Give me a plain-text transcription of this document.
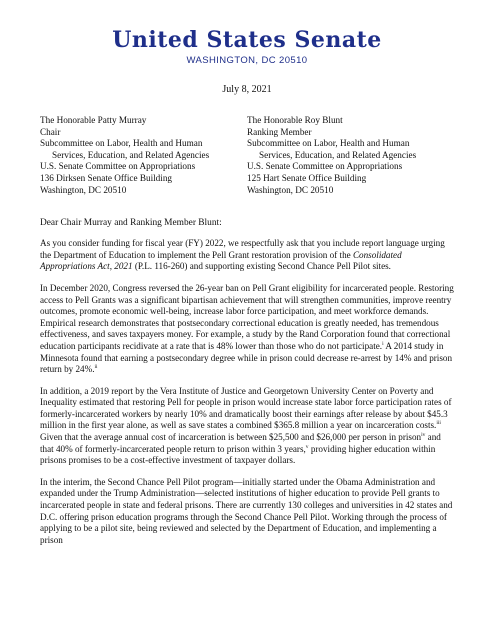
United States Senate
WASHINGTON, DC 20510
July 8, 2021
The Honorable Patty Murray
Chair
Subcommittee on Labor, Health and Human
Services, Education, and Related Agencies
U.S. Senate Committee on Appropriations
136 Dirksen Senate Office Building
Washington, DC 20510
The Honorable Roy Blunt
Ranking Member
Subcommittee on Labor, Health and Human
Services, Education, and Related Agencies
U.S. Senate Committee on Appropriations
125 Hart Senate Office Building
Washington, DC 20510
Dear Chair Murray and Ranking Member Blunt:

As you consider funding for fiscal year (FY) 2022, we respectfully ask that you include report language urging the Department of Education to implement the Pell Grant restoration provision of the Consolidated Appropriations Act, 2021 (P.L. 116-260) and supporting existing Second Chance Pell Pilot sites.

In December 2020, Congress reversed the 26-year ban on Pell Grant eligibility for incarcerated people. Restoring access to Pell Grants was a significant bipartisan achievement that will strengthen communities, improve reentry outcomes, promote economic well-being, increase labor force participation, and meet workforce demands. Empirical research demonstrates that postsecondary correctional education is greatly needed, has tremendous effectiveness, and saves taxpayers money. For example, a study by the Rand Corporation found that correctional education participants recidivate at a rate that is 48% lower than those who do not participate.$^i$ A 2014 study in Minnesota found that earning a postsecondary degree while in prison could decrease re-arrest by 14% and prison return by 24%.$^{ii}$

In addition, a 2019 report by the Vera Institute of Justice and Georgetown University Center on Poverty and Inequality estimated that restoring Pell for people in prison would increase state labor force participation rates of formerly-incarcerated workers by nearly 10% and dramatically boost their earnings after release by about $45.3 million in the first year alone, as well as save states a combined $365.8 million a year on incarceration costs.$^{iii}$ Given that the average annual cost of incarceration is between $25,500 and $26,000 per person in prison$^{iv}$ and that 40% of formerly-incarcerated people return to prison within 3 years,$^v$ providing higher education within prisons promises to be a cost-effective investment of taxpayer dollars.

In the interim, the Second Chance Pell Pilot program—initially started under the Obama Administration and expanded under the Trump Administration—selected institutions of higher education to provide Pell grants to incarcerated people in state and federal prisons. There are currently 130 colleges and universities in 42 states and D.C. offering prison education programs through the Second Chance Pell Pilot. Working through the process of applying to be a pilot site, being reviewed and selected by the Department of Education, and implementing a prison
